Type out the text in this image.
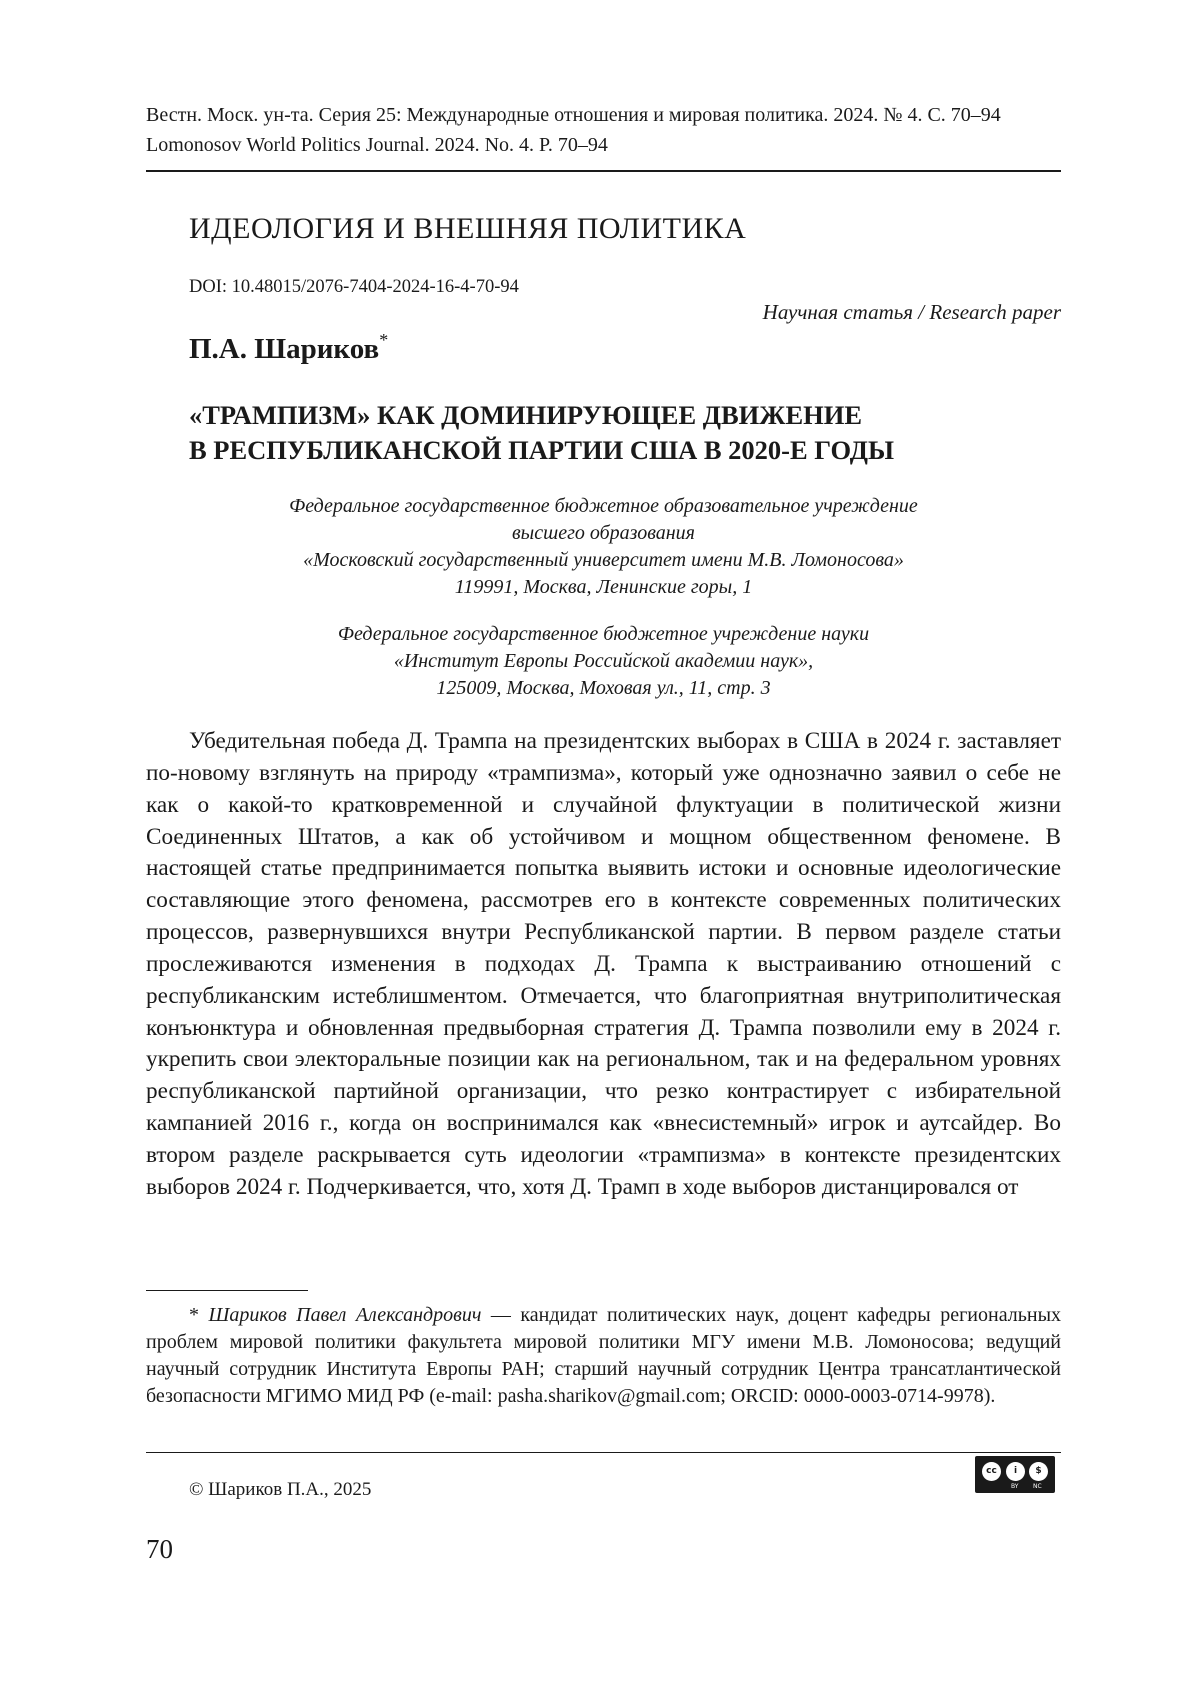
Вестн. Моск. ун-та. Серия 25: Международные отношения и мировая политика. 2024. № 4. С. 70–94
Lomonosov World Politics Journal. 2024. No. 4. P. 70–94
ИДЕОЛОГИЯ И ВНЕШНЯЯ ПОЛИТИКА
DOI: 10.48015/2076-7404-2024-16-4-70-94
Научная статья / Research paper
П.А. Шариков*
«ТРАМПИЗМ» КАК ДОМИНИРУЮЩЕЕ ДВИЖЕНИЕ
В РЕСПУБЛИКАНСКОЙ ПАРТИИ США В 2020-Е ГОДЫ
Федеральное государственное бюджетное образовательное учреждение
высшего образования
«Московский государственный университет имени М.В. Ломоносова»
119991, Москва, Ленинские горы, 1
Федеральное государственное бюджетное учреждение науки
«Институт Европы Российской академии наук»,
125009, Москва, Моховая ул., 11, стр. 3

Убедительная победа Д. Трампа на президентских выборах в США в 2024 г. заставляет по-новому взглянуть на природу «трампизма», который уже однозначно заявил о себе не как о какой-то кратковременной и случайной флуктуации в политической жизни Соединенных Штатов, а как об устойчивом и мощном общественном феномене. В настоящей статье предпринимается попытка выявить истоки и основные идеологические составляющие этого феномена, рассмотрев его в контексте современных политических процессов, развернувшихся внутри Республиканской партии. В первом разделе статьи прослеживаются изменения в подходах Д. Трампа к выстраиванию отношений с республиканским истеблишментом. Отмечается, что благоприятная внутриполитическая конъюнктура и обновленная предвыборная стратегия Д. Трампа позволили ему в 2024 г. укрепить свои электоральные позиции как на региональном, так и на федеральном уровнях республиканской партийной организации, что резко контрастирует с избирательной кампанией 2016 г., когда он воспринимался как «внесистемный» игрок и аутсайдер. Во втором разделе раскрывается суть идеологии «трампизма» в контексте президентских выборов 2024 г. Подчеркивается, что, хотя Д. Трамп в ходе выборов дистанцировался от

* Шариков Павел Александрович — кандидат политических наук, доцент кафедры региональных проблем мировой политики факультета мировой политики МГУ имени М.В. Ломоносова; ведущий научный сотрудник Института Европы РАН; старший научный сотрудник Центра трансатлантической безопасности МГИМО МИД РФ (e-mail: pasha.sharikov@gmail.com; ORCID: 0000-0003-0714-9978).

© Шариков П.А., 2025
cc	i	$
BY NC
70
